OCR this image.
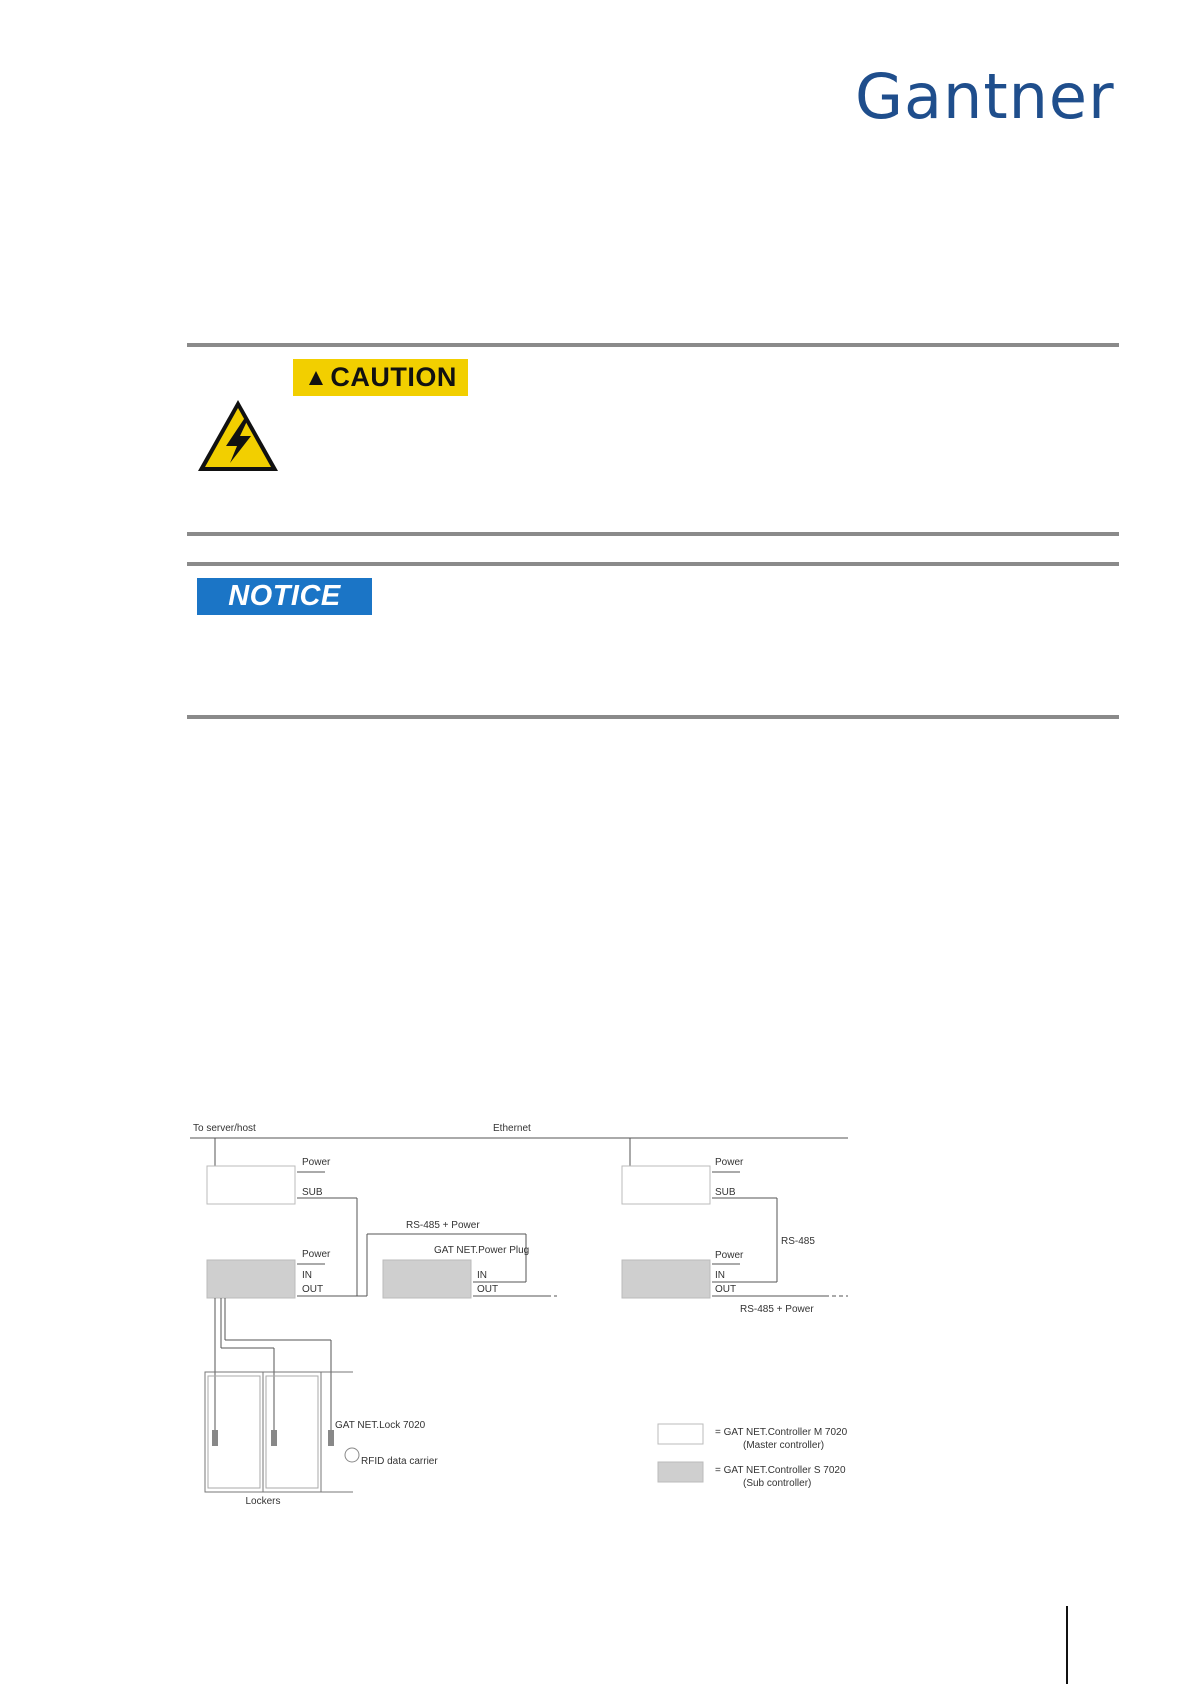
Gantner
▲ CAUTION
NOTICE
To server/host	Ethernet
Power
SUB
Power
IN
OUT
RS-485 + Power
GAT NET.Power Plug
IN
OUT
Power
SUB
RS-485
Power
IN
OUT
RS-485 + Power
GAT NET.Lock 7020
RFID data carrier
Lockers
= GAT NET.Controller M 7020
(Master controller)
= GAT NET.Controller S 7020
(Sub controller)
